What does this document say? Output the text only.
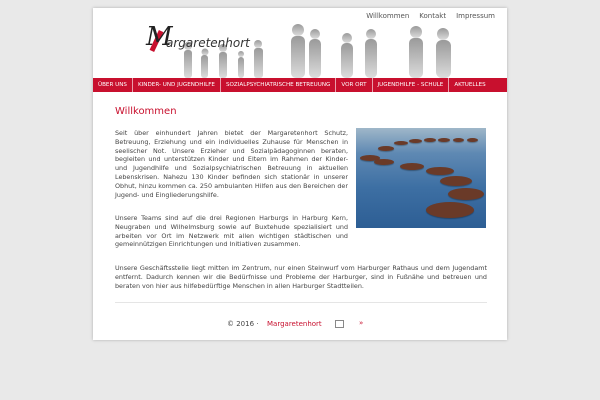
M
argaretenhort
Willkommen Kontakt Impressum
ÜBER UNS	KINDER- UND JUGENDHILFE	SOZIALPSYCHIATRISCHE BETREUUNG	VOR ORT	JUGENDHILFE - SCHULE	AKTUELLES
Willkommen
Seit über einhundert Jahren bietet der Margaretenhort Schutz, Betreuung, Erziehung und ein individuelles Zuhause für Menschen in seelischer Not. Unsere Erzieher und Sozialpädagoginnen beraten, begleiten und unterstützen Kinder und Eltern im Rahmen der Kinder- und Jugendhilfe und Sozialpsychiatrischen Betreuung in aktuellen Lebenskrisen. Nahezu 130 Kinder befinden sich stationär in unserer Obhut, hinzu kommen ca. 250 ambulanten Hilfen aus den Bereichen der Jugend- und Eingliederungshilfe.
Unsere Teams sind auf die drei Regionen Harburgs in Harburg Kern, Neugraben und Wilhelmsburg sowie auf Buxtehude spezialisiert und arbeiten vor Ort im Netzwerk mit allen wichtigen städtischen und gemeinnützigen Einrichtungen und Initiativen zusammen.
Unsere Geschäftsstelle liegt mitten im Zentrum, nur einen Steinwurf vom Harburger Rathaus und dem Jugendamt entfernt. Dadurch kennen wir die Bedürfnisse und Probleme der Harburger, sind in Fußnähe und betreuen und beraten von hier aus hilfebedürftige Menschen in allen Harburger Stadtteilen.
© 2016 · Margaretenhort	»
